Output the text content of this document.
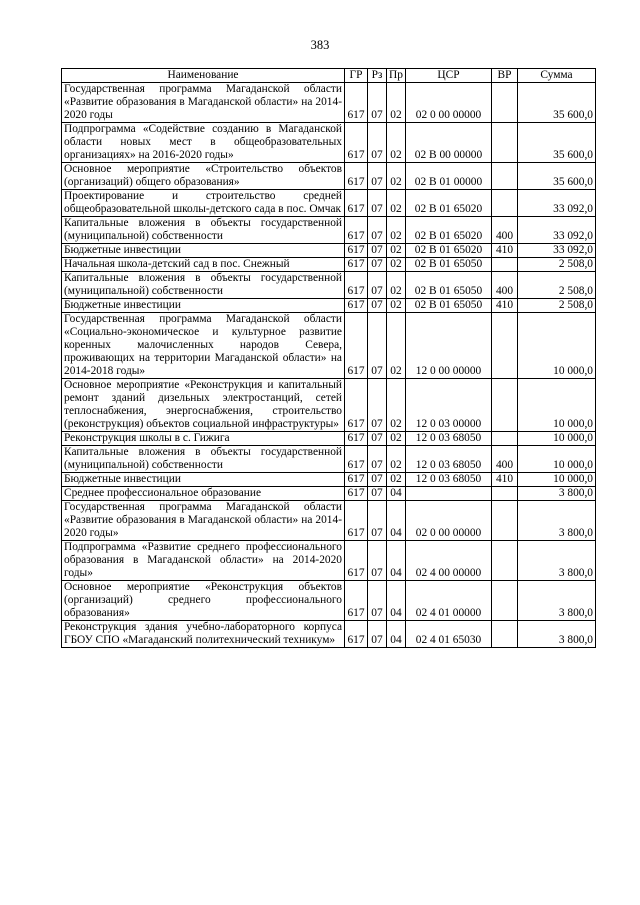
383
Наименование	ГР	Рз	Пр	ЦСР	ВР	Сумма
Государственная программа Магаданской области «Развитие образования в Магаданской области» на 2014-2020 годы	617	07	02	02 0 00 00000		35 600,0
Подпрограмма «Содействие созданию в Магаданской области новых мест в общеобразовательных организациях» на 2016-2020 годы»	617	07	02	02 В 00 00000		35 600,0
Основное мероприятие «Строительство объектов (организаций) общего образования»	617	07	02	02 В 01 00000		35 600,0
Проектирование и строительство средней общеобразовательной школы-детского сада в пос. Омчак	617	07	02	02 В 01 65020		33 092,0
Капитальные вложения в объекты государственной (муниципальной) собственности	617	07	02	02 В 01 65020	400	33 092,0
Бюджетные инвестиции	617	07	02	02 В 01 65020	410	33 092,0
Начальная школа-детский сад в пос. Снежный	617	07	02	02 В 01 65050		2 508,0
Капитальные вложения в объекты государственной (муниципальной) собственности	617	07	02	02 В 01 65050	400	2 508,0
Бюджетные инвестиции	617	07	02	02 В 01 65050	410	2 508,0
Государственная программа Магаданской области «Социально-экономическое и культурное развитие коренных малочисленных народов Севера, проживающих на территории Магаданской области» на 2014-2018 годы»	617	07	02	12 0 00 00000		10 000,0
Основное мероприятие «Реконструкция и капитальный ремонт зданий дизельных электростанций, сетей теплоснабжения, энергоснабжения, строительство (реконструкция) объектов социальной инфраструктуры»	617	07	02	12 0 03 00000		10 000,0
Реконструкция школы в с. Гижига	617	07	02	12 0 03 68050		10 000,0
Капитальные вложения в объекты государственной (муниципальной) собственности	617	07	02	12 0 03 68050	400	10 000,0
Бюджетные инвестиции	617	07	02	12 0 03 68050	410	10 000,0
Среднее профессиональное образование	617	07	04			3 800,0
Государственная программа Магаданской области «Развитие образования в Магаданской области» на 2014-2020 годы»	617	07	04	02 0 00 00000		3 800,0
Подпрограмма «Развитие среднего профессионального образования в Магаданской области» на 2014-2020 годы»	617	07	04	02 4 00 00000		3 800,0
Основное мероприятие «Реконструкция объектов (организаций) среднего профессионального образования»	617	07	04	02 4 01 00000		3 800,0
Реконструкция здания учебно-лабораторного корпуса ГБОУ СПО «Магаданский политехнический техникум»	617	07	04	02 4 01 65030		3 800,0
